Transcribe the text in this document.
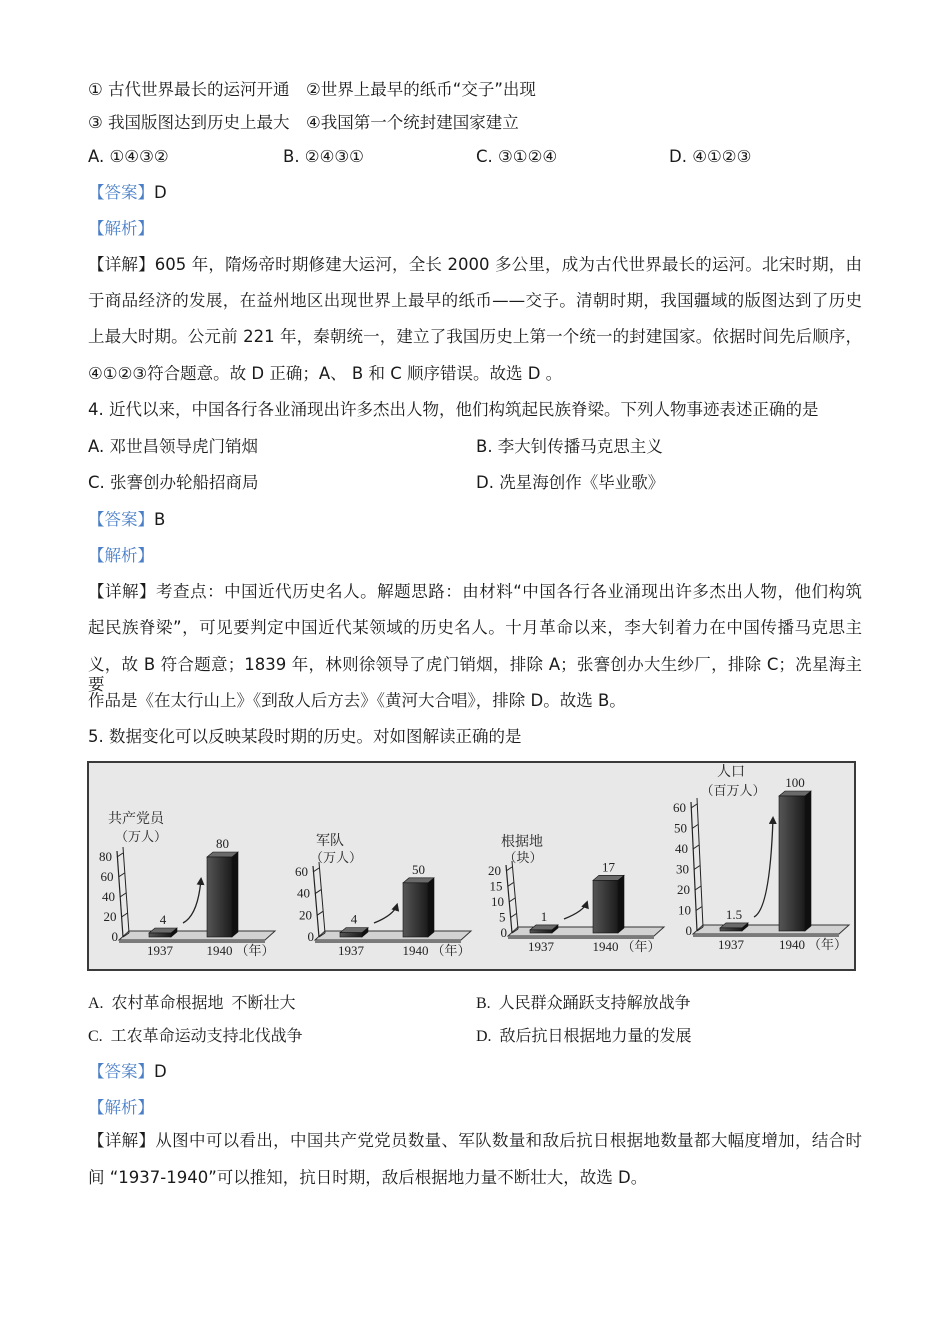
① 古代世界最长的运河开通 ②世界上最早的纸币“交子”出现
③ 我国版图达到历史上最大 ④我国第一个统封建国家建立
A. ①④③②	B. ②④③①	C. ③①②④	D. ④①②③
【答案】D
【解析】
【详解】605 年，隋炀帝时期修建大运河，全长 2000 多公里，成为古代世界最长的运河。北宋时期，由
于商品经济的发展，在益州地区出现世界上最早的纸币——交子。清朝时期，我国疆域的版图达到了历史
上最大时期。公元前 221 年，秦朝统一，建立了我国历史上第一个统一的封建国家。依据时间先后顺序，
④①②③符合题意。故 D 正确；A、 B 和 C 顺序错误。故选 D 。
4. 近代以来，中国各行各业涌现出许多杰出人物，他们构筑起民族脊梁。下列人物事迹表述正确的是
A. 邓世昌领导虎门销烟	B. 李大钊传播马克思主义
C. 张謇创办轮船招商局	D. 冼星海创作《毕业歌》
【答案】B
【解析】
【详解】考查点：中国近代历史名人。解题思路：由材料“中国各行各业涌现出许多杰出人物，他们构筑
起民族脊梁”，可见要判定中国近代某领域的历史名人。十月革命以来，李大钊着力在中国传播马克思主
义，故 B 符合题意；1839 年，林则徐领导了虎门销烟，排除 A；张謇创办大生纱厂，排除 C；冼星海主要
作品是《在太行山上》《到敌人后方去》《黄河大合唱》，排除 D。故选 B。
5. 数据变化可以反映某段时期的历史。对如图解读正确的是
0
20
40
60
80
共产党员
（万人）
4
1937
80
1940 （年）
0
20
40
60
军队
（万人）
4
1937
50
1940 （年）
0
5
10
15
20
根据地
（块）
1
1937
17
1940 （年）
0
10
20
30
40
50
60
人口
（百万人）
1.5
1937
100
1940 （年）
A.  农村革命根据地  不断壮大	B.  人民群众踊跃支持解放战争
C.  工农革命运动支持北伐战争	D.  敌后抗日根据地力量的发展
【答案】D
【解析】
【详解】从图中可以看出，中国共产党党员数量、军队数量和敌后抗日根据地数量都大幅度增加，结合时
间 “1937-1940”可以推知，抗日时期，敌后根据地力量不断壮大，故选 D。
